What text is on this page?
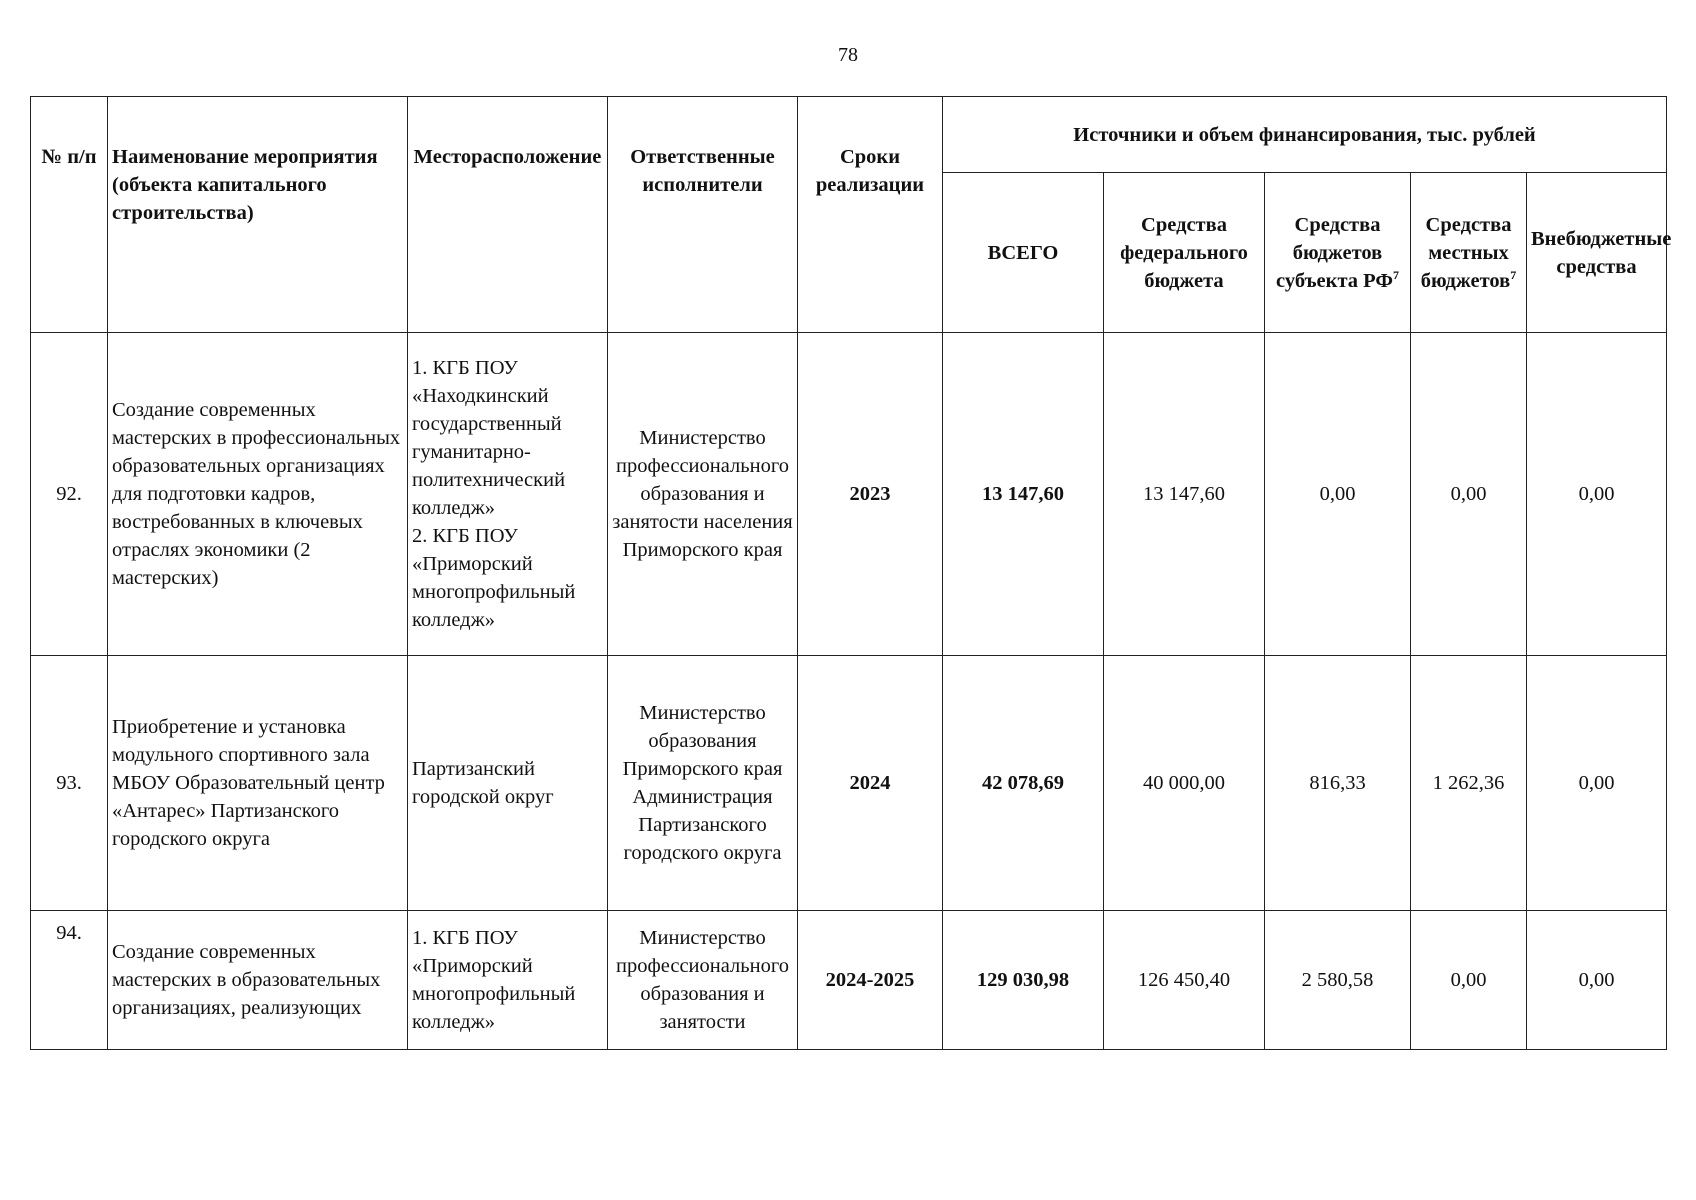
78
№ п/п	Наименование мероприятия (объекта капитального строительства)	Месторасположение	Ответственные исполнители	Сроки реализации	Источники и объем финансирования, тыс. рублей				
					ВСЕГО	Средства федерального бюджета	Средства бюджетов субъекта $РФ^7$	Средства местных бюджетов$^7$	Внебюджетные средства
92.	Создание современных мастерских в профессиональных образовательных организациях для подготовки кадров, востребованных в ключевых отраслях экономики (2 мастерских)	1. КГБ ПОУ «Находкинский государственный гуманитарно-политехнический колледж»
2. КГБ ПОУ «Приморский многопрофильный колледж»	Министерство профессионального образования и занятости населения Приморского края	2023	13 147,60	13 147,60	0,00	0,00	0,00
93.	Приобретение и установка модульного спортивного зала МБОУ Образовательный центр «Антарес» Партизанского городского округа	Партизанский городской округ	Министерство образования Приморского края Администрация Партизанского городского округа	2024	42 078,69	40 000,00	816,33	1 262,36	0,00
94.	Создание современных мастерских в образовательных организациях, реализующих	1. КГБ ПОУ «Приморский многопрофильный колледж»	Министерство профессионального образования и занятости	2024-2025	129 030,98	126 450,40	2 580,58	0,00	0,00
